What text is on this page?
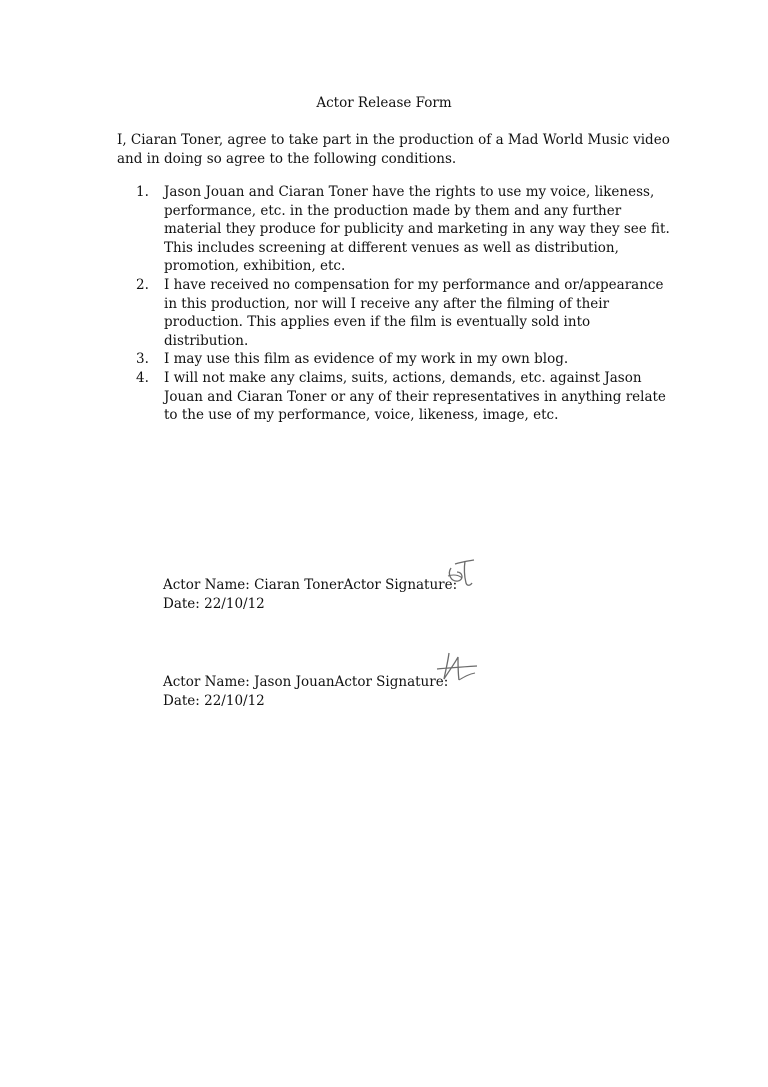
Actor Release Form
I, Ciaran Toner, agree to take part in the production of a Mad World Music video
and in doing so agree to the following conditions.
1. Jason Jouan and Ciaran Toner have the rights to use my voice, likeness,
performance, etc. in the production made by them and any further
material they produce for publicity and marketing in any way they see fit.
This includes screening at different venues as well as distribution,
promotion, exhibition, etc.
2. I have received no compensation for my performance and or/appearance
in this production, nor will I receive any after the filming of their
production. This applies even if the film is eventually sold into
distribution.
3. I may use this film as evidence of my work in my own blog.
4. I will not make any claims, suits, actions, demands, etc. against Jason
Jouan and Ciaran Toner or any of their representatives in anything relate
to the use of my performance, voice, likeness, image, etc.
Actor Name: Ciaran TonerActor Signature:
Date: 22/10/12
Actor Name: Jason JouanActor Signature:
Date: 22/10/12
